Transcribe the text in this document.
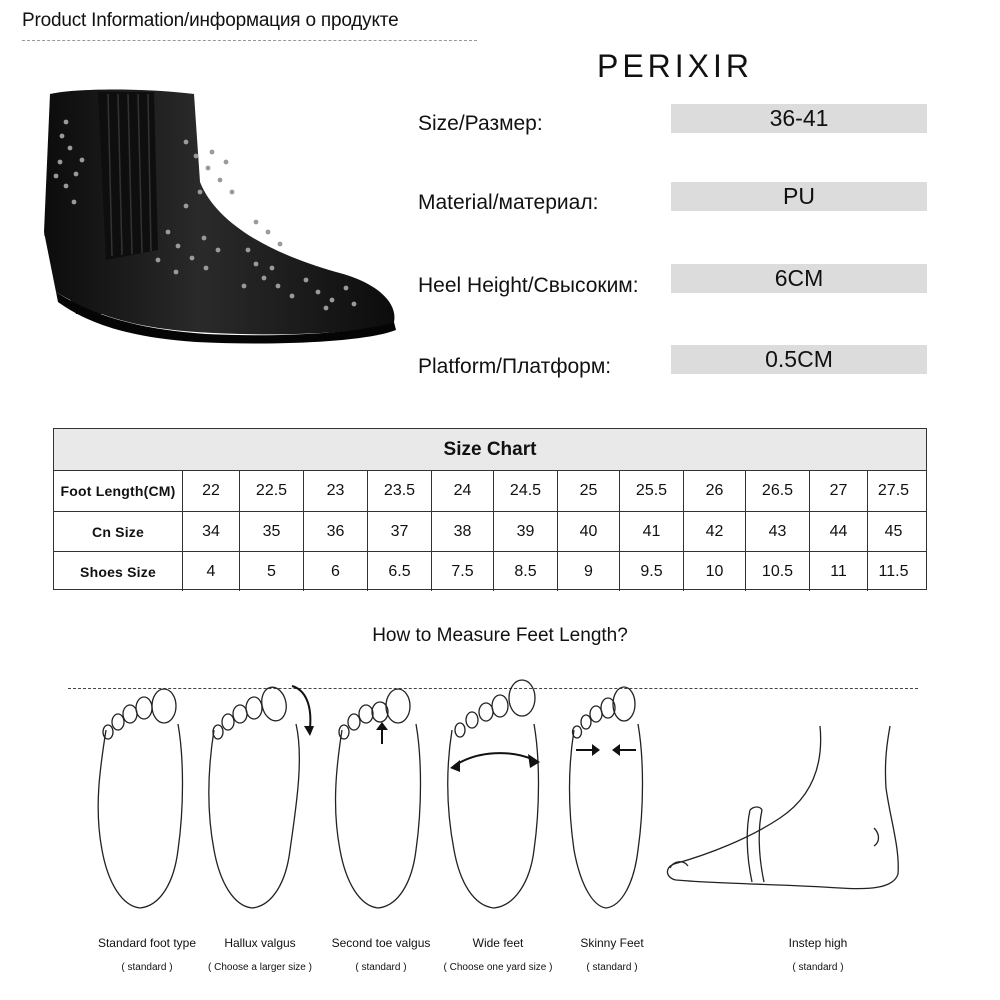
Product Information/информация о продукте
PERIXIR
Size/Размер:	36-41
Material/материал:	PU
Heel Height/Свысоким:	6CM
Platform/Платформ:	0.5CM
Size Chart
Foot Length(CM)	22	22.5	23	23.5	24	24.5	25	25.5	26	26.5	27	27.5
Cn Size	34	35	36	37	38	39	40	41	42	43	44	45
Shoes Size	4	5	6	6.5	7.5	8.5	9	9.5	10	10.5	11	11.5
How to Measure Feet Length?
Standard foot type
( standard )
Hallux valgus
( Choose a larger size )
Second toe valgus
( standard )
Wide feet
( Choose one yard size )
Skinny Feet
( standard )
Instep high
( standard )
